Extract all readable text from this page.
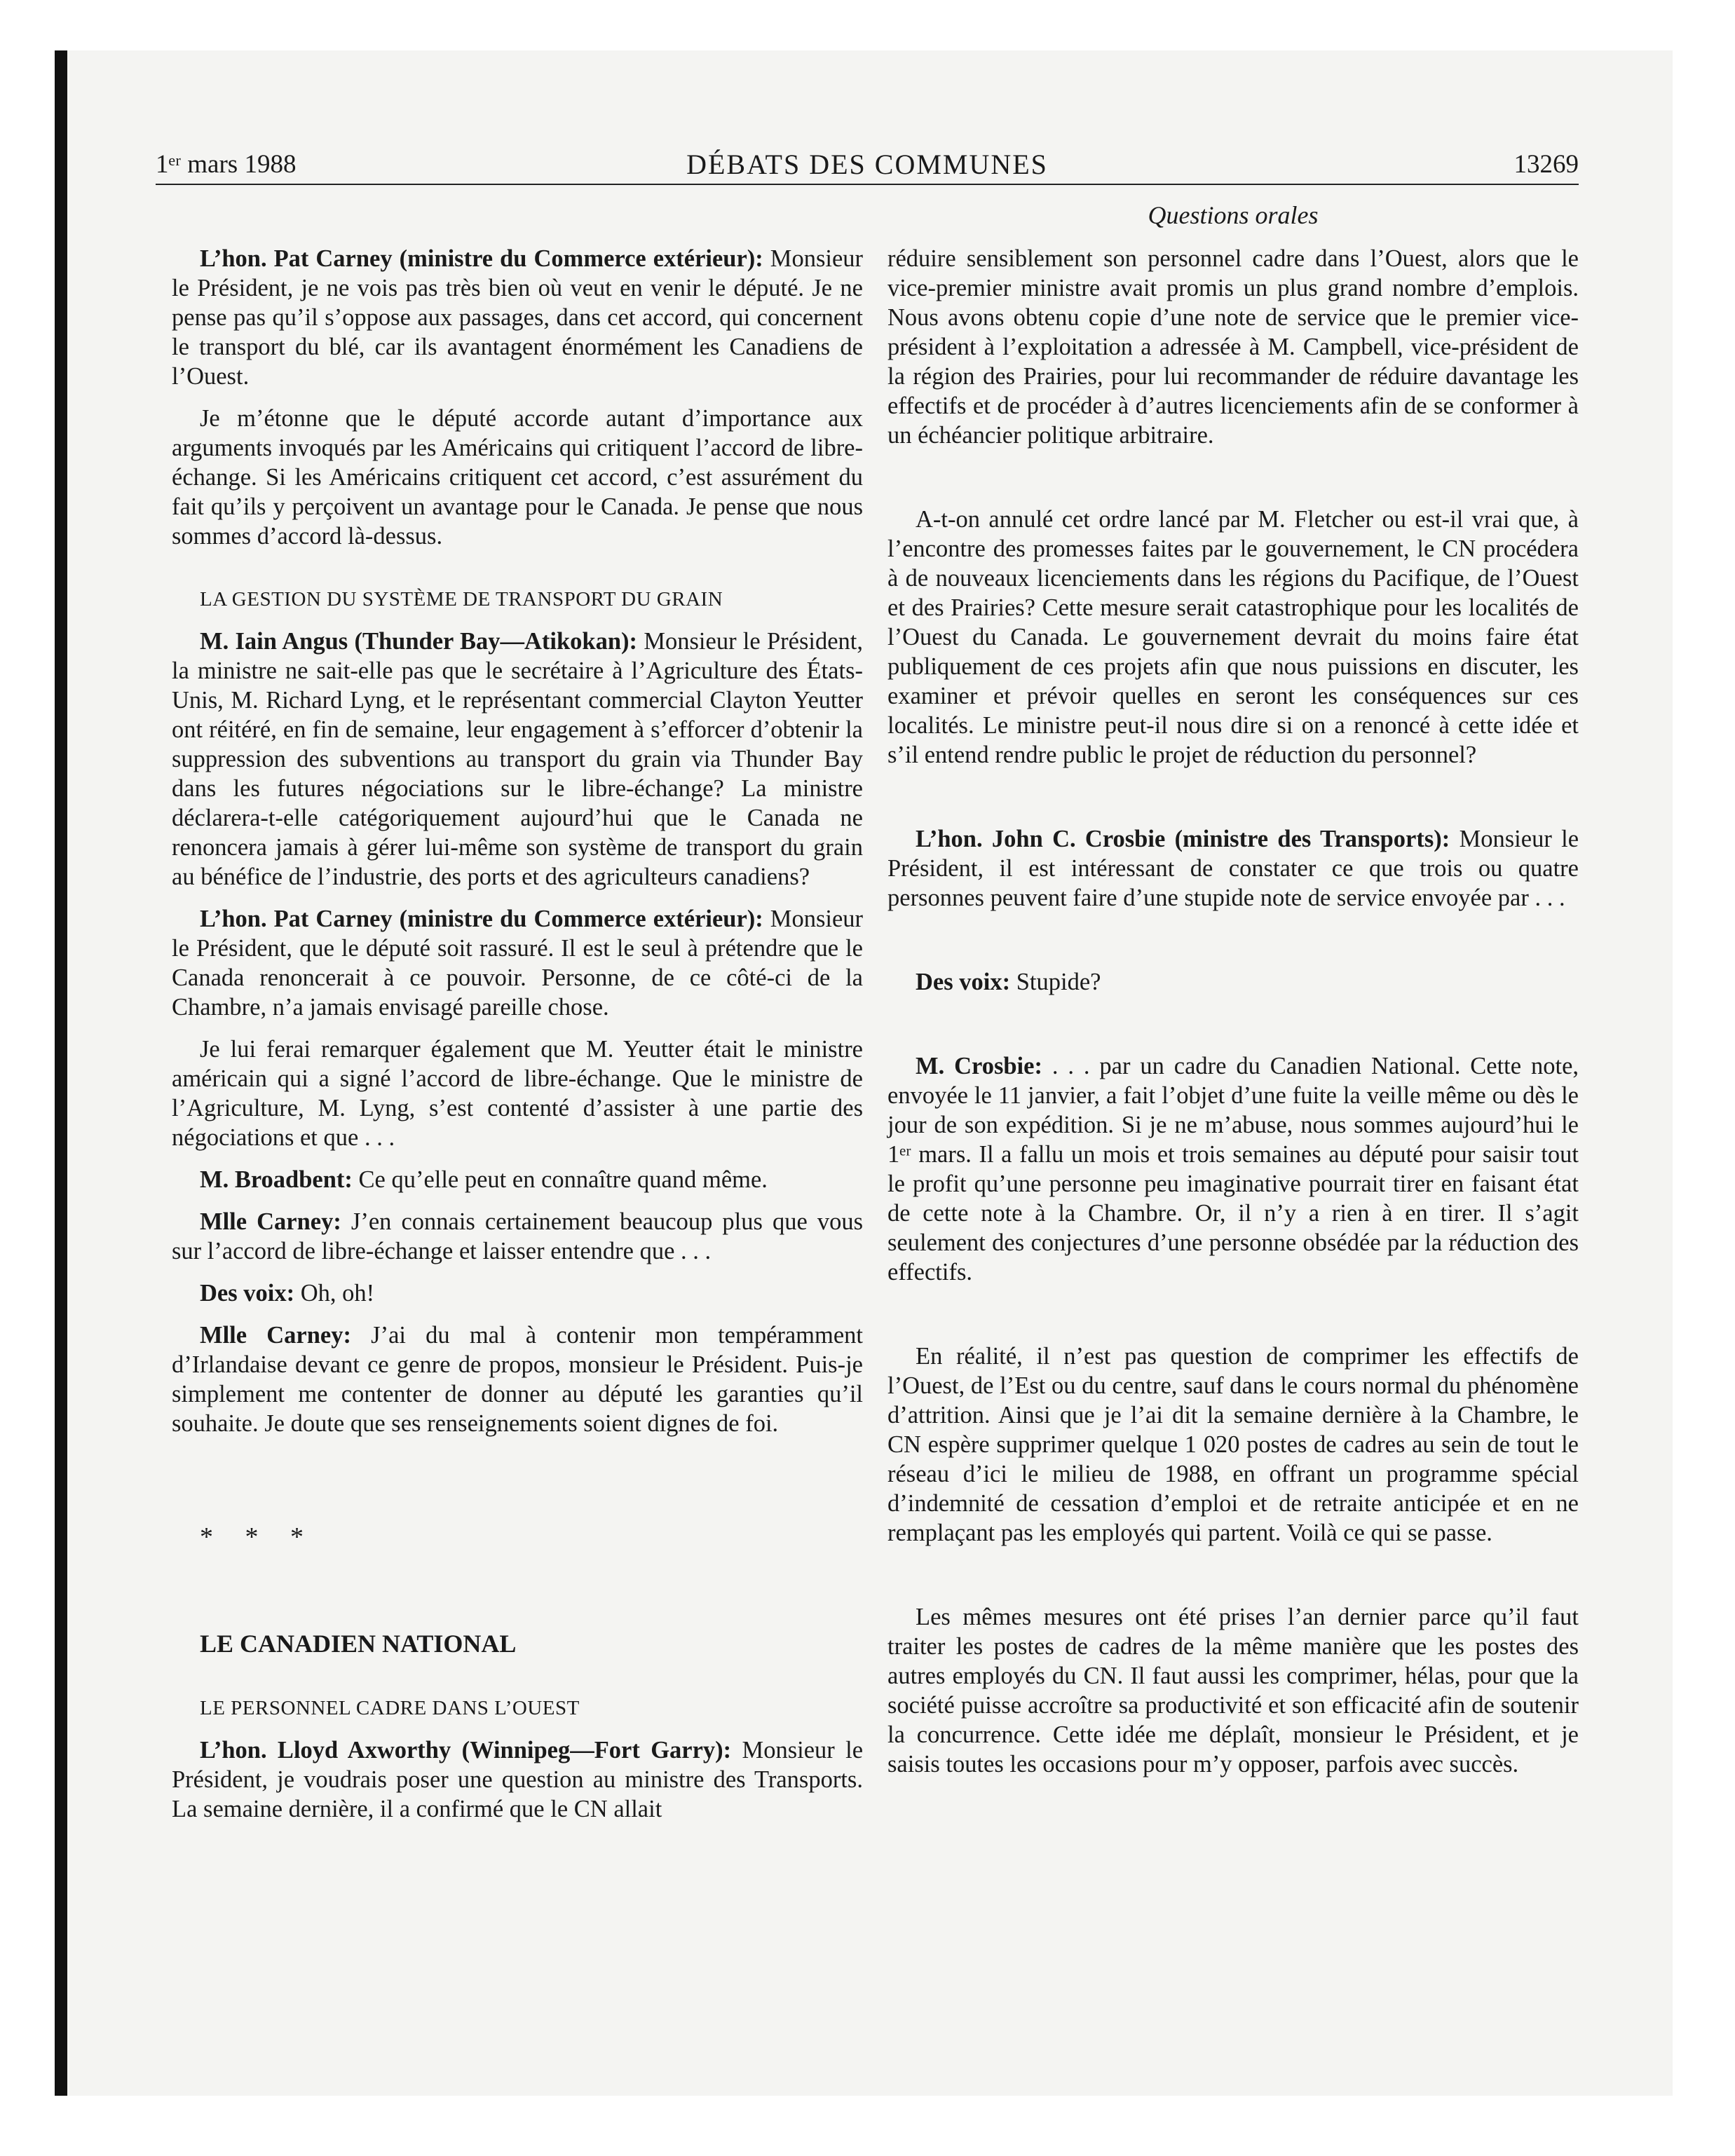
DÉBATS DES COMMUNES
1ᵉʳ mars 1988	13269
Questions orales

L’hon. Pat Carney (ministre du Commerce extérieur): Monsieur le Président, je ne vois pas très bien où veut en venir le député. Je ne pense pas qu’il s’oppose aux passages, dans cet accord, qui concernent le transport du blé, car ils avantagent énormément les Canadiens de l’Ouest.

Je m’étonne que le député accorde autant d’importance aux arguments invoqués par les Américains qui critiquent l’accord de libre-échange. Si les Américains critiquent cet accord, c’est assurément du fait qu’ils y perçoivent un avantage pour le Canada. Je pense que nous sommes d’accord là-dessus.

LA GESTION DU SYSTÈME DE TRANSPORT DU GRAIN

M. Iain Angus (Thunder Bay—Atikokan): Monsieur le Président, la ministre ne sait-elle pas que le secrétaire à l’Agriculture des États-Unis, M. Richard Lyng, et le représentant commercial Clayton Yeutter ont réitéré, en fin de semaine, leur engagement à s’efforcer d’obtenir la suppression des subventions au transport du grain via Thunder Bay dans les futures négociations sur le libre-échange? La ministre déclarera-t-elle catégoriquement aujourd’hui que le Canada ne renoncera jamais à gérer lui-même son système de transport du grain au bénéfice de l’industrie, des ports et des agriculteurs canadiens?

L’hon. Pat Carney (ministre du Commerce extérieur): Monsieur le Président, que le député soit rassuré. Il est le seul à prétendre que le Canada renoncerait à ce pouvoir. Personne, de ce côté-ci de la Chambre, n’a jamais envisagé pareille chose.

Je lui ferai remarquer également que M. Yeutter était le ministre américain qui a signé l’accord de libre-échange. Que le ministre de l’Agriculture, M. Lyng, s’est contenté d’assister à une partie des négociations et que . . .

M. Broadbent: Ce qu’elle peut en connaître quand même.

Mlle Carney: J’en connais certainement beaucoup plus que vous sur l’accord de libre-échange et laisser entendre que . . .

Des voix: Oh, oh!

Mlle Carney: J’ai du mal à contenir mon tempéramment d’Irlandaise devant ce genre de propos, monsieur le Président. Puis-je simplement me contenter de donner au député les garanties qu’il souhaite. Je doute que ses renseignements soient dignes de foi.

* * *

LE CANADIEN NATIONAL

LE PERSONNEL CADRE DANS L’OUEST

L’hon. Lloyd Axworthy (Winnipeg—Fort Garry): Monsieur le Président, je voudrais poser une question au ministre des Transports. La semaine dernière, il a confirmé que le CN allait

réduire sensiblement son personnel cadre dans l’Ouest, alors que le vice-premier ministre avait promis un plus grand nombre d’emplois. Nous avons obtenu copie d’une note de service que le premier vice-président à l’exploitation a adressée à M. Campbell, vice-président de la région des Prairies, pour lui recommander de réduire davantage les effectifs et de procéder à d’autres licenciements afin de se conformer à un échéancier politique arbitraire.

A-t-on annulé cet ordre lancé par M. Fletcher ou est-il vrai que, à l’encontre des promesses faites par le gouvernement, le CN procédera à de nouveaux licenciements dans les régions du Pacifique, de l’Ouest et des Prairies? Cette mesure serait catastrophique pour les localités de l’Ouest du Canada. Le gouvernement devrait du moins faire état publiquement de ces projets afin que nous puissions en discuter, les examiner et prévoir quelles en seront les conséquences sur ces localités. Le ministre peut-il nous dire si on a renoncé à cette idée et s’il entend rendre public le projet de réduction du personnel?

L’hon. John C. Crosbie (ministre des Transports): Monsieur le Président, il est intéressant de constater ce que trois ou quatre personnes peuvent faire d’une stupide note de service envoyée par . . .

Des voix: Stupide?

M. Crosbie: . . . par un cadre du Canadien National. Cette note, envoyée le 11 janvier, a fait l’objet d’une fuite la veille même ou dès le jour de son expédition. Si je ne m’abuse, nous sommes aujourd’hui le 1ᵉʳ mars. Il a fallu un mois et trois semaines au député pour saisir tout le profit qu’une personne peu imaginative pourrait tirer en faisant état de cette note à la Chambre. Or, il n’y a rien à en tirer. Il s’agit seulement des conjectures d’une personne obsédée par la réduction des effectifs.

En réalité, il n’est pas question de comprimer les effectifs de l’Ouest, de l’Est ou du centre, sauf dans le cours normal du phénomène d’attrition. Ainsi que je l’ai dit la semaine dernière à la Chambre, le CN espère supprimer quelque 1 020 postes de cadres au sein de tout le réseau d’ici le milieu de 1988, en offrant un programme spécial d’indemnité de cessation d’emploi et de retraite anticipée et en ne remplaçant pas les employés qui partent. Voilà ce qui se passe.

Les mêmes mesures ont été prises l’an dernier parce qu’il faut traiter les postes de cadres de la même manière que les postes des autres employés du CN. Il faut aussi les comprimer, hélas, pour que la société puisse accroître sa productivité et son efficacité afin de soutenir la concurrence. Cette idée me déplaît, monsieur le Président, et je saisis toutes les occasions pour m’y opposer, parfois avec succès.
